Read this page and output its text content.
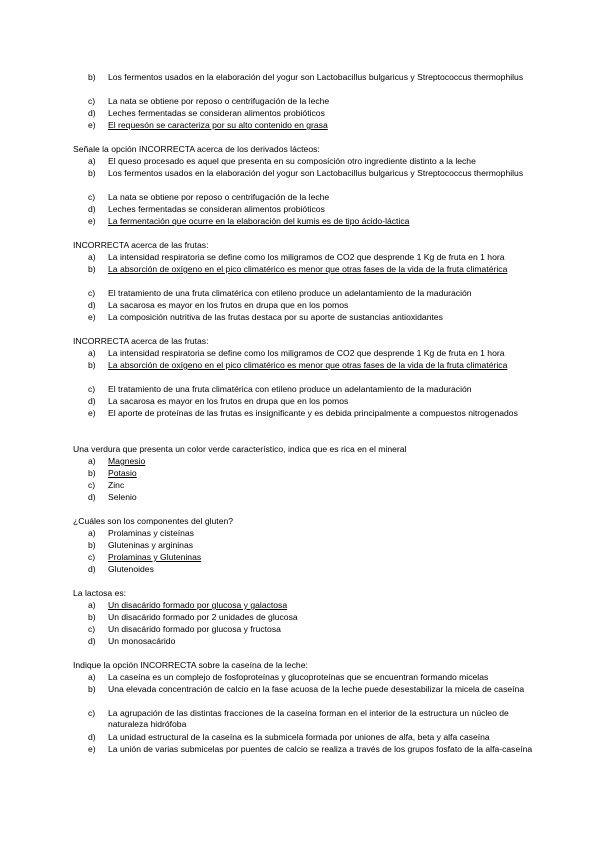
b)	Los fermentos usados en la elaboración del yogur son Lactobacillus bulgaricus y Streptococcus thermophilus
c)	La nata se obtiene por reposo o centrifugación de la leche
d)	Leches fermentadas se consideran alimentos probióticos
e)	El requesón se caracteriza por su alto contenido en grasa
Señale la opción INCORRECTA acerca de los derivados lácteos:
a)	El queso procesado es aquel que presenta en su composición otro ingrediente distinto a la leche
b)	Los fermentos usados en la elaboración del yogur son Lactobacillus bulgaricus y Streptococcus thermophilus
c)	La nata se obtiene por reposo o centrifugación de la leche
d)	Leches fermentadas se consideran alimentos probióticos
e)	La fermentación que ocurre en la elaboración del kumis es de tipo ácido-láctica
INCORRECTA acerca de las frutas:
a)	La intensidad respiratoria se define como los miligramos de CO2 que desprende 1 Kg de fruta en 1 hora
b)	La absorción de oxígeno en el pico climatérico es menor que otras fases de la vida de la fruta climatérica
c)	El tratamiento de una fruta climatérica con etileno produce un adelantamiento de la maduración
d)	La sacarosa es mayor en los frutos en drupa que en los pomos
e)	La composición nutritiva de las frutas destaca por su aporte de sustancias antioxidantes
INCORRECTA acerca de las frutas:
a)	La intensidad respiratoria se define como los miligramos de CO2 que desprende 1 Kg de fruta en 1 hora
b)	La absorción de oxígeno en el pico climatérico es menor que otras fases de la vida de la fruta climatérica
c)	El tratamiento de una fruta climatérica con etileno produce un adelantamiento de la maduración
d)	La sacarosa es mayor en los frutos en drupa que en los pomos
e)	El aporte de proteínas de las frutas es insignificante y es debida principalmente a compuestos nitrogenados
Una verdura que presenta un color verde característico, indica que es rica en el mineral
a)	Magnesio
b)	Potasio
c)	Zinc
d)	Selenio
¿Cuáles son los componentes del gluten?
a)	Prolaminas y cisteínas
b)	Gluteninas y argininas
c)	Prolaminas y Gluteninas
d)	Glutenoides
La lactosa es:
a)	Un disacárido formado por glucosa y galactosa
b)	Un disacárido formado por 2 unidades de glucosa
c)	Un disacárido formado por glucosa y fructosa
d)	Un monosacárido
Indique la opción INCORRECTA sobre la caseína de la leche:
a)	La caseína es un complejo de fosfoproteínas y glucoproteínas que se encuentran formando micelas
b)	Una elevada concentración de calcio en la fase acuosa de la leche puede desestabilizar la micela de caseína
c)	La agrupación de las distintas fracciones de la caseína forman en el interior de la estructura un núcleo de naturaleza hidrófoba
d)	La unidad estructural de la caseína es la submicela formada por uniones de alfa, beta y alfa caseína
e)	La unión de varias submicelas por puentes de calcio se realiza a través de los grupos fosfato de la alfa-caseína
